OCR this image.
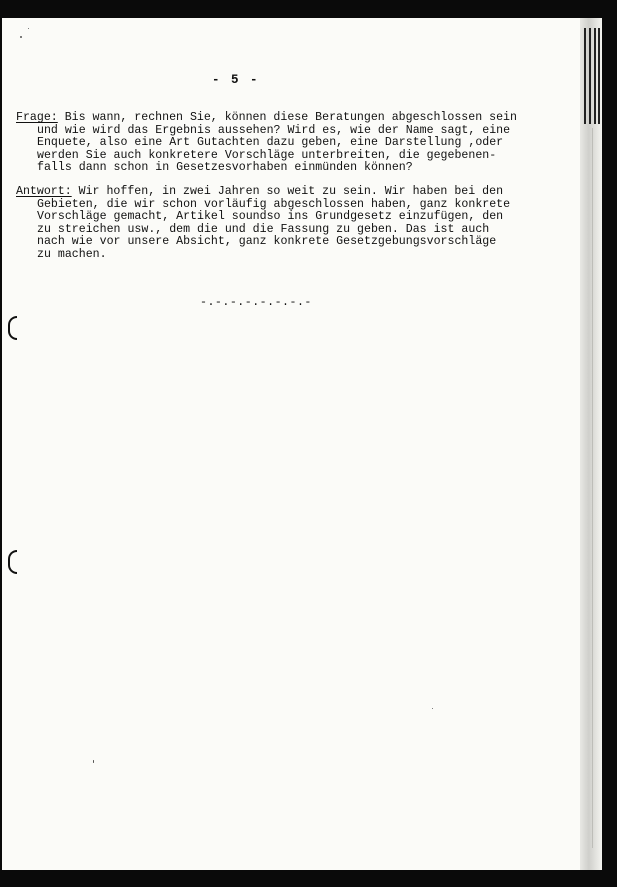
- 5 -
Frage: Bis wann, rechnen Sie, können diese Beratungen abgeschlossen sein
und wie wird das Ergebnis aussehen? Wird es, wie der Name sagt, eine
Enquete, also eine Art Gutachten dazu geben, eine Darstellung ,oder
werden Sie auch konkretere Vorschläge unterbreiten, die gegebenen-
falls dann schon in Gesetzesvorhaben einmünden können?
Antwort: Wir hoffen, in zwei Jahren so weit zu sein. Wir haben bei den
Gebieten, die wir schon vorläufig abgeschlossen haben, ganz konkrete
Vorschläge gemacht, Artikel soundso ins Grundgesetz einzufügen, den
zu streichen usw., dem die und die Fassung zu geben. Das ist auch
nach wie vor unsere Absicht, ganz konkrete Gesetzgebungsvorschläge
zu machen.
-.-.-.-.-.-.-.-
